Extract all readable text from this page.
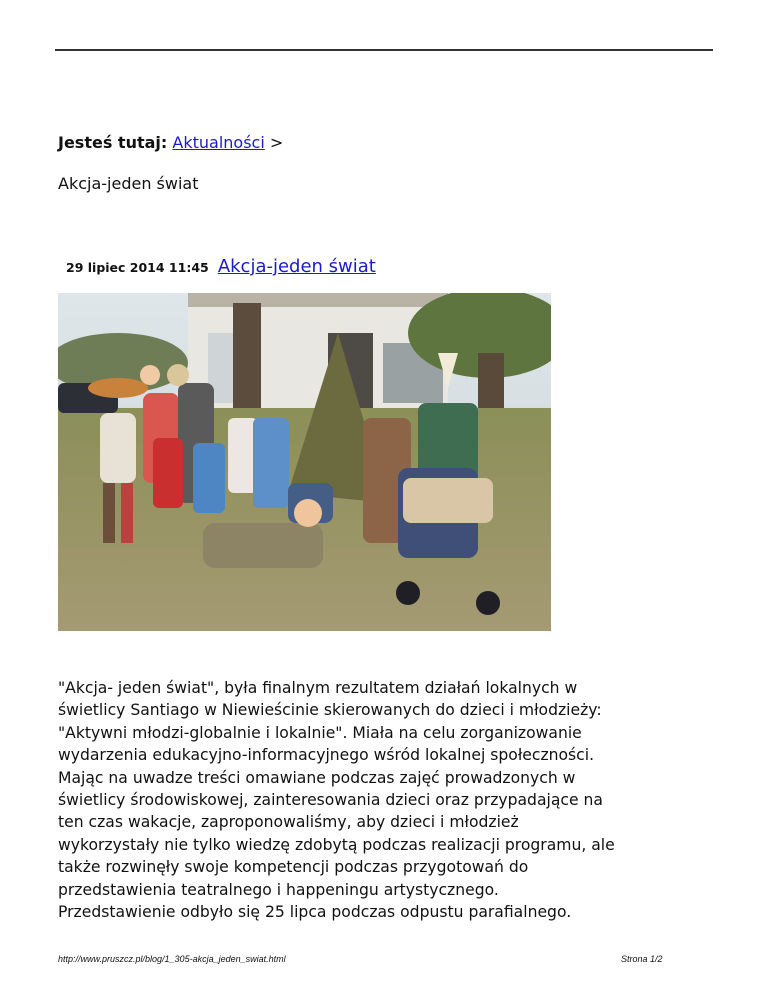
Jesteś tutaj: Aktualności >
Akcja-jeden świat
29 lipiec 2014 11:45 Akcja-jeden świat
"Akcja- jeden świat", była finalnym rezultatem działań lokalnych w
świetlicy Santiago w Niewieścinie skierowanych do dzieci i młodzieży:
"Aktywni młodzi-globalnie i lokalnie". Miała na celu zorganizowanie
wydarzenia edukacyjno-informacyjnego wśród lokalnej społeczności.
Mając na uwadze treści omawiane podczas zajęć prowadzonych w
świetlicy środowiskowej, zainteresowania dzieci oraz przypadające na
ten czas wakacje, zaproponowaliśmy, aby dzieci i młodzież
wykorzystały nie tylko wiedzę zdobytą podczas realizacji programu, ale
także rozwinęły swoje kompetencji podczas przygotowań do
przedstawienia teatralnego i happeningu artystycznego.
Przedstawienie odbyło się 25 lipca podczas odpustu parafialnego.
http://www.pruszcz.pl/blog/1_305-akcja_jeden_swiat.html	Strona 1/2
